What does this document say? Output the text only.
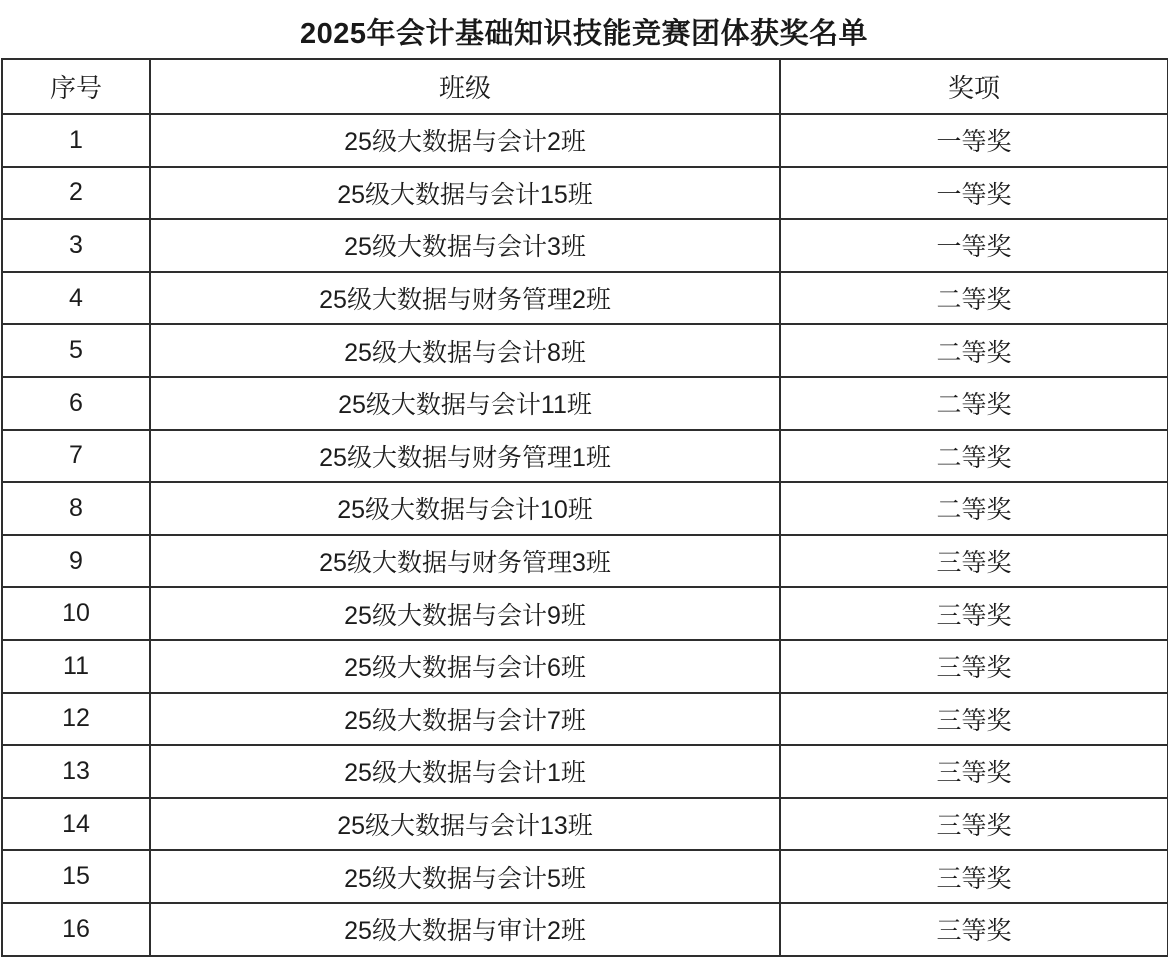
2025年会计基础知识技能竞赛团体获奖名单
序号	班级	奖项
1	25级大数据与会计2班	一等奖
2	25级大数据与会计15班	一等奖
3	25级大数据与会计3班	一等奖
4	25级大数据与财务管理2班	二等奖
5	25级大数据与会计8班	二等奖
6	25级大数据与会计11班	二等奖
7	25级大数据与财务管理1班	二等奖
8	25级大数据与会计10班	二等奖
9	25级大数据与财务管理3班	三等奖
10	25级大数据与会计9班	三等奖
11	25级大数据与会计6班	三等奖
12	25级大数据与会计7班	三等奖
13	25级大数据与会计1班	三等奖
14	25级大数据与会计13班	三等奖
15	25级大数据与会计5班	三等奖
16	25级大数据与审计2班	三等奖
